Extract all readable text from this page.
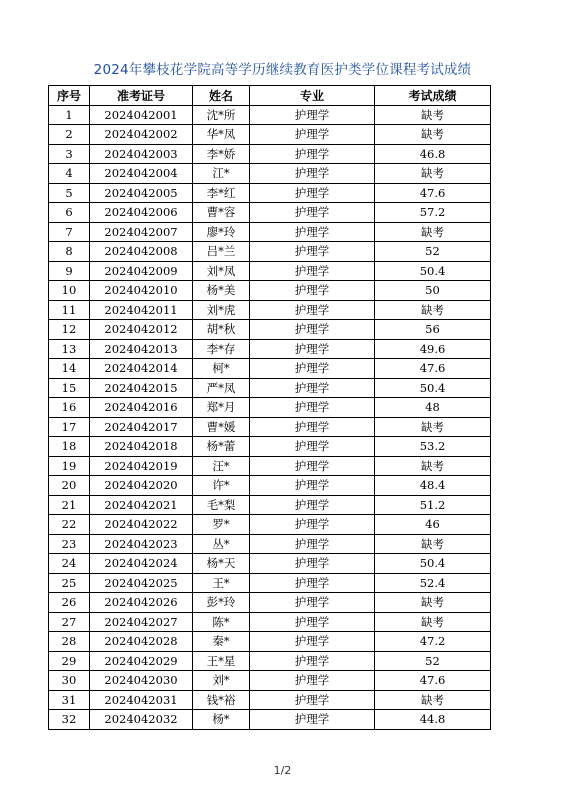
2024年攀枝花学院高等学历继续教育医护类学位课程考试成绩
序号	准考证号	姓名	专业	考试成绩
1	2024042001	沈*所	护理学	缺考
2	2024042002	华*凤	护理学	缺考
3	2024042003	李*娇	护理学	46.8
4	2024042004	江*	护理学	缺考
5	2024042005	李*红	护理学	47.6
6	2024042006	曹*容	护理学	57.2
7	2024042007	廖*玲	护理学	缺考
8	2024042008	吕*兰	护理学	52
9	2024042009	刘*凤	护理学	50.4
10	2024042010	杨*美	护理学	50
11	2024042011	刘*虎	护理学	缺考
12	2024042012	胡*秋	护理学	56
13	2024042013	李*存	护理学	49.6
14	2024042014	柯*	护理学	47.6
15	2024042015	严*凤	护理学	50.4
16	2024042016	郑*月	护理学	48
17	2024042017	曹*媛	护理学	缺考
18	2024042018	杨*蕾	护理学	53.2
19	2024042019	汪*	护理学	缺考
20	2024042020	许*	护理学	48.4
21	2024042021	毛*梨	护理学	51.2
22	2024042022	罗*	护理学	46
23	2024042023	丛*	护理学	缺考
24	2024042024	杨*天	护理学	50.4
25	2024042025	王*	护理学	52.4
26	2024042026	彭*玲	护理学	缺考
27	2024042027	陈*	护理学	缺考
28	2024042028	秦*	护理学	47.2
29	2024042029	王*星	护理学	52
30	2024042030	刘*	护理学	47.6
31	2024042031	钱*裕	护理学	缺考
32	2024042032	杨*	护理学	44.8
1/2
